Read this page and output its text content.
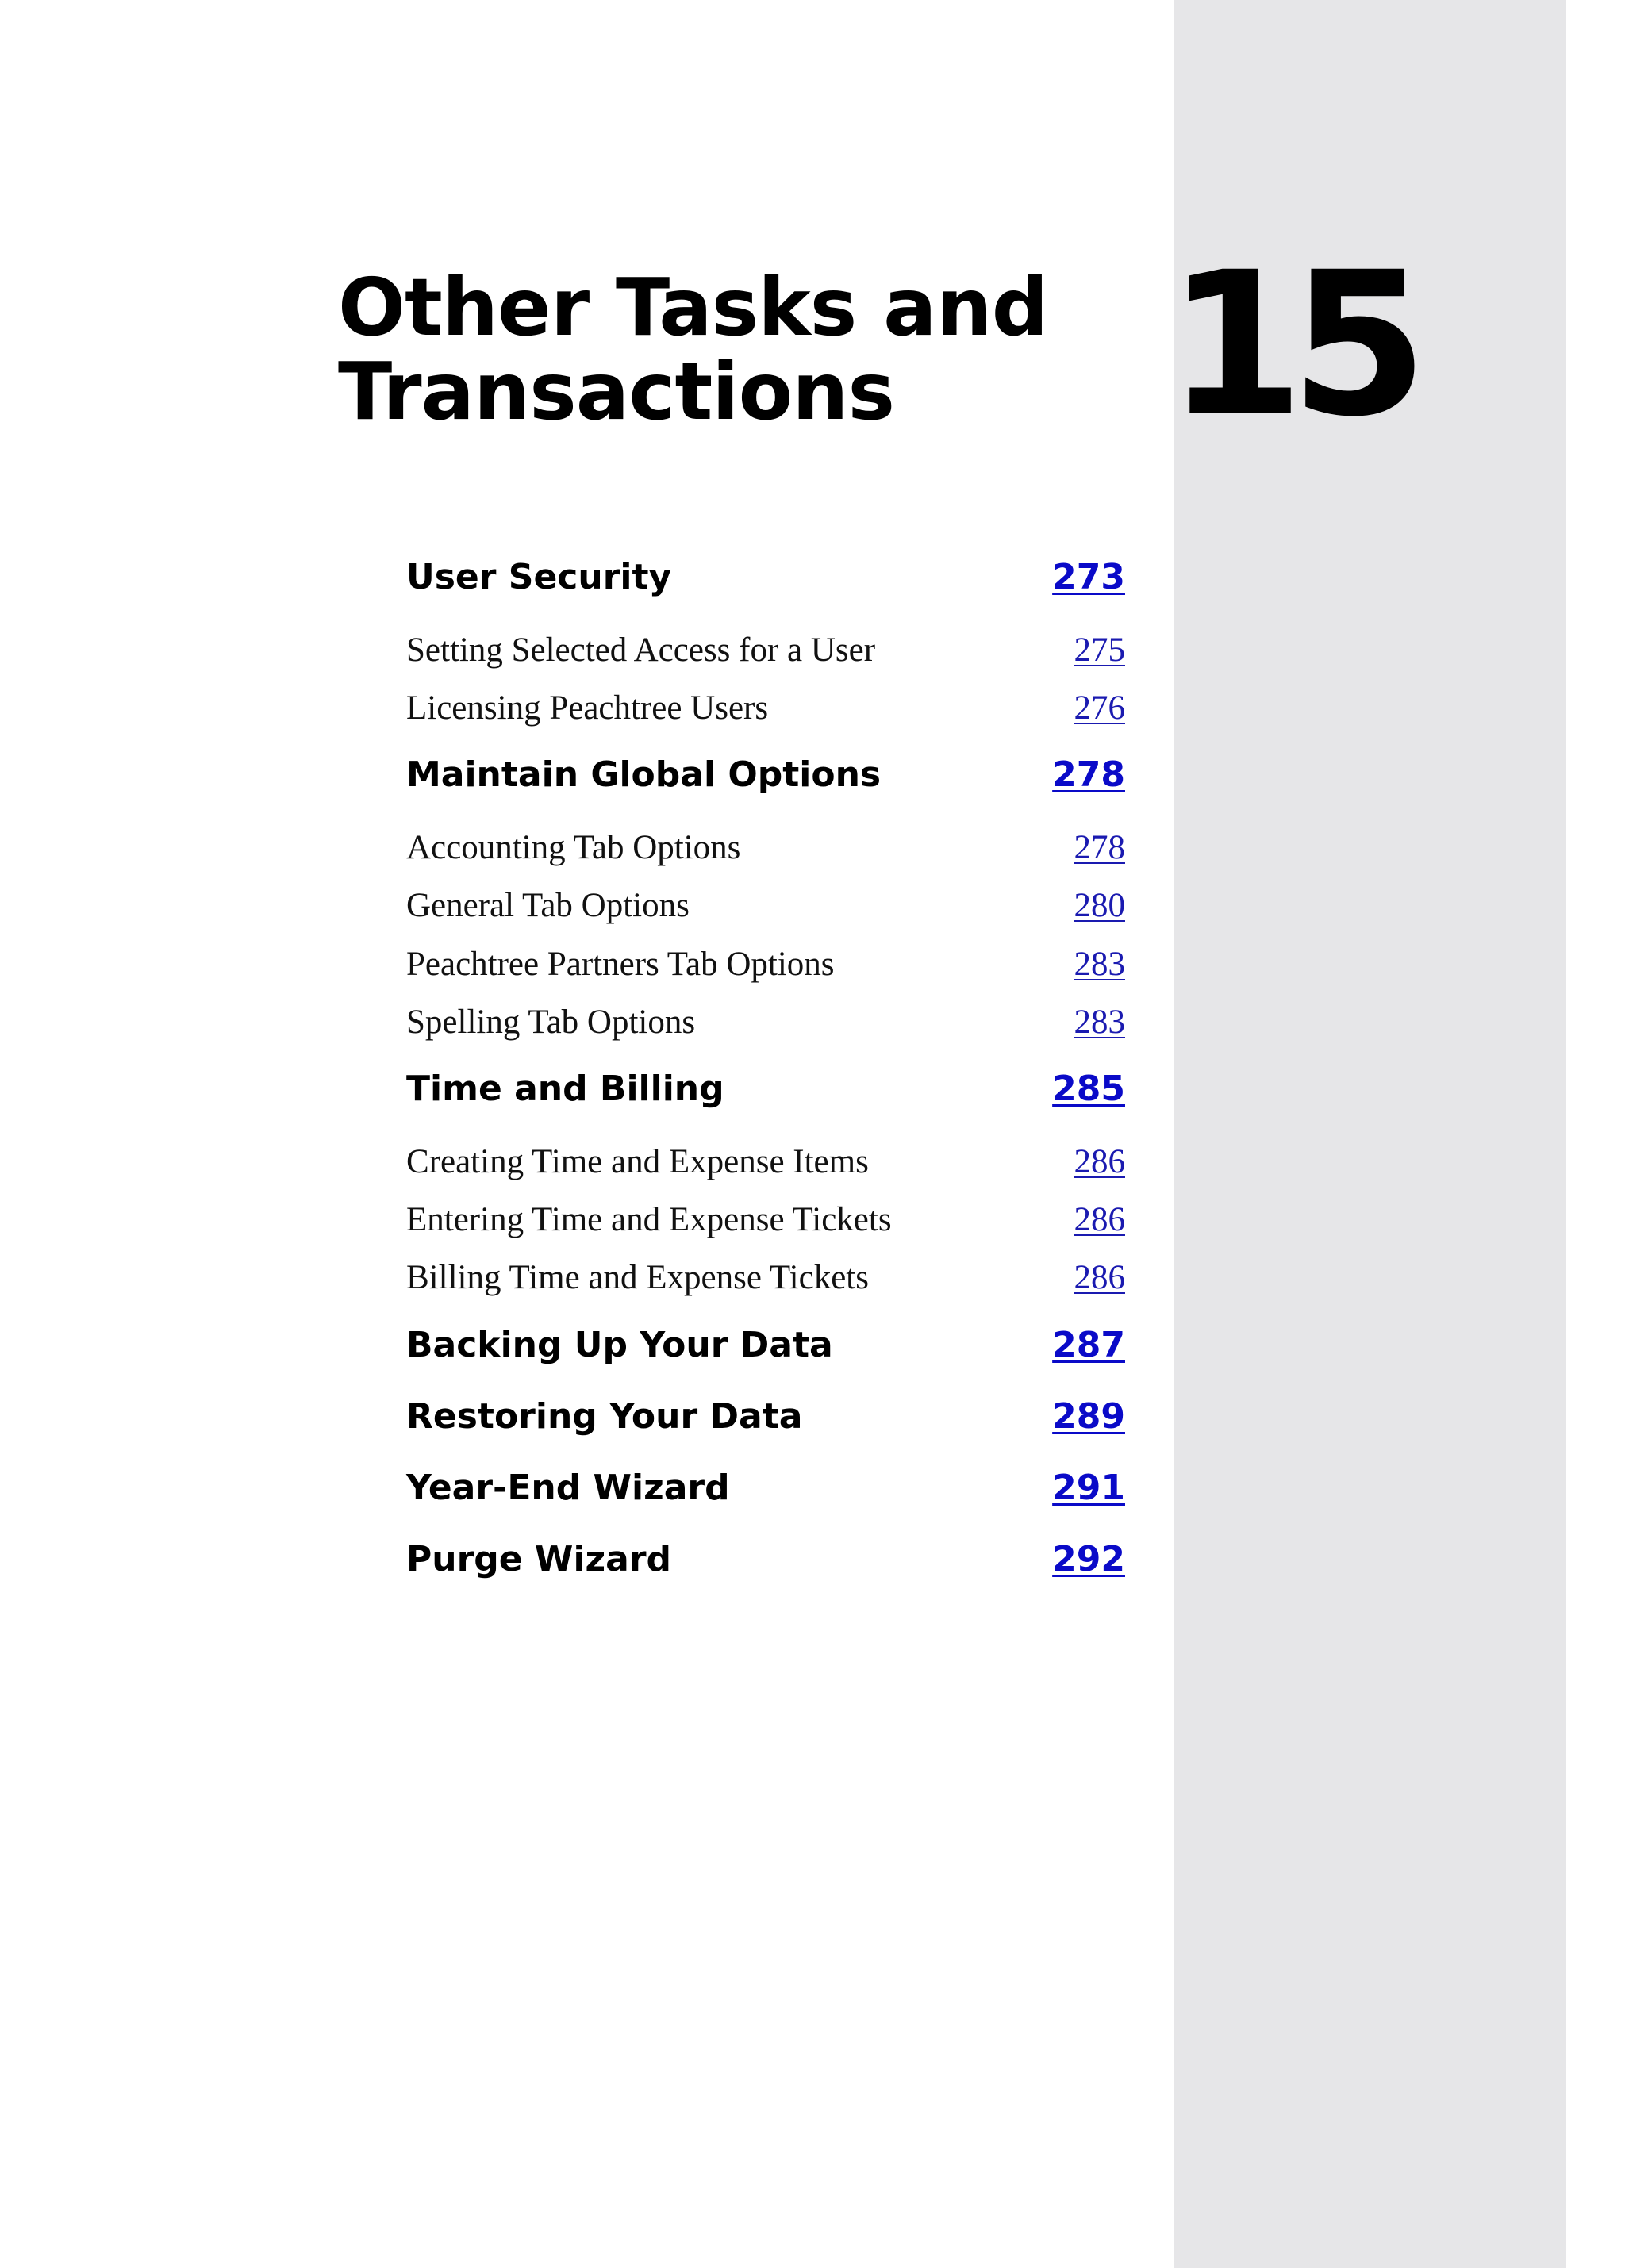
Other Tasks and
Transactions	15
User Security	273
Setting Selected Access for a User	275
Licensing Peachtree Users	276
Maintain Global Options	278
Accounting Tab Options	278
General Tab Options	280
Peachtree Partners Tab Options	283
Spelling Tab Options	283
Time and Billing	285
Creating Time and Expense Items	286
Entering Time and Expense Tickets	286
Billing Time and Expense Tickets	286
Backing Up Your Data	287
Restoring Your Data	289
Year-End Wizard	291
Purge Wizard	292
